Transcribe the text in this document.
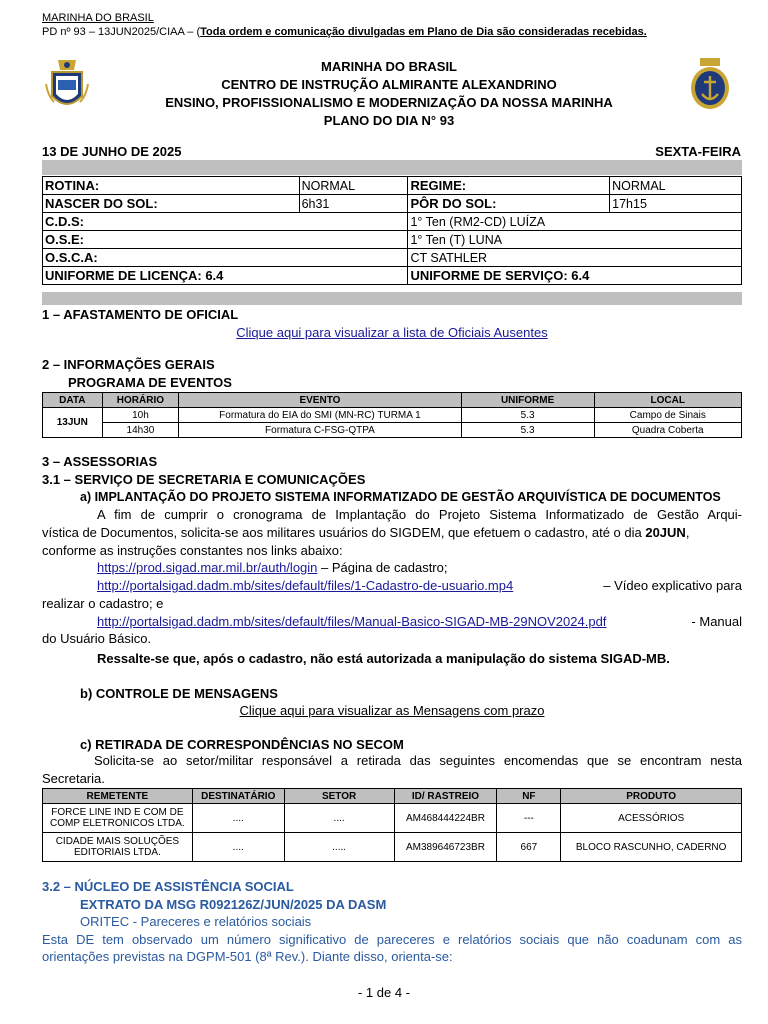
MARINHA DO BRASIL
PD nº 93 – 13JUN2025/CIAA – (Toda ordem e comunicação divulgadas em Plano de Dia são consideradas recebidas.
MARINHA DO BRASIL
CENTRO DE INSTRUÇÃO ALMIRANTE ALEXANDRINO
ENSINO, PROFISSIONALISMO E MODERNIZAÇÃO DA NOSSA MARINHA
PLANO DO DIA N° 93
13 DE JUNHO DE 2025	SEXTA-FEIRA
ROTINA:	NORMAL	REGIME:	NORMAL
NASCER DO SOL:	6h31	PÔR DO SOL:	17h15
C.D.S:		1° Ten (RM2-CD) LUÍZA	
O.S.E:		1° Ten (T) LUNA	
O.S.C.A:		CT SATHLER	
UNIFORME DE LICENÇA: 6.4		UNIFORME DE SERVIÇO: 6.4	
1 – AFASTAMENTO DE OFICIAL
Clique aqui para visualizar a lista de Oficiais Ausentes
2 – INFORMAÇÕES GERAIS
PROGRAMA DE EVENTOS
DATA	HORÁRIO	EVENTO	UNIFORME	LOCAL
13JUN	10h	Formatura do EIA do SMI (MN-RC) TURMA 1	5.3	Campo de Sinais
	14h30	Formatura C-FSG-QTPA	5.3	Quadra Coberta
3 – ASSESSORIAS
3.1 – SERVIÇO DE SECRETARIA E COMUNICAÇÕES
a) IMPLANTAÇÃO DO PROJETO SISTEMA INFORMATIZADO DE GESTÃO ARQUIVÍSTICA DE DOCUMENTOS
A fim de cumprir o cronograma de Implantação do Projeto Sistema Informatizado de Gestão Arqui-
vística de Documentos, solicita-se aos militares usuários do SIGDEM, que efetuem o cadastro, até o dia 20JUN,
conforme as instruções constantes nos links abaixo:
https://prod.sigad.mar.mil.br/auth/login – Página de cadastro;
http://portalsigad.dadm.mb/sites/default/files/1-Cadastro-de-usuario.mp4	– Vídeo explicativo para
realizar o cadastro; e
http://portalsigad.dadm.mb/sites/default/files/Manual-Basico-SIGAD-MB-29NOV2024.pdf	- Manual
do Usuário Básico.
Ressalte-se que, após o cadastro, não está autorizada a manipulação do sistema SIGAD-MB.
b) CONTROLE DE MENSAGENS
Clique aqui para visualizar as Mensagens com prazo
c) RETIRADA DE CORRESPONDÊNCIAS NO SECOM
Solicita-se ao setor/militar responsável a retirada das seguintes encomendas que se encontram nesta
Secretaria.
REMETENTE	DESTINATÁRIO	SETOR	ID/ RASTREIO	NF	PRODUTO
FORCE LINE IND E COM DE COMP ELETRONICOS LTDA.	....	....	AM468444224BR	---	ACESSÓRIOS
CIDADE MAIS SOLUÇÕES EDITORIAIS LTDA.	....	.....	AM389646723BR	667	BLOCO RASCUNHO, CADERNO
3.2 – NÚCLEO DE ASSISTÊNCIA SOCIAL
EXTRATO DA MSG R092126Z/JUN/2025 DA DASM
ORITEC - Pareceres e relatórios sociais
Esta DE tem observado um número significativo de pareceres e relatórios sociais que não coadunam com as
orientações previstas na DGPM-501 (8ª Rev.). Diante disso, orienta-se:
- 1 de 4 -
